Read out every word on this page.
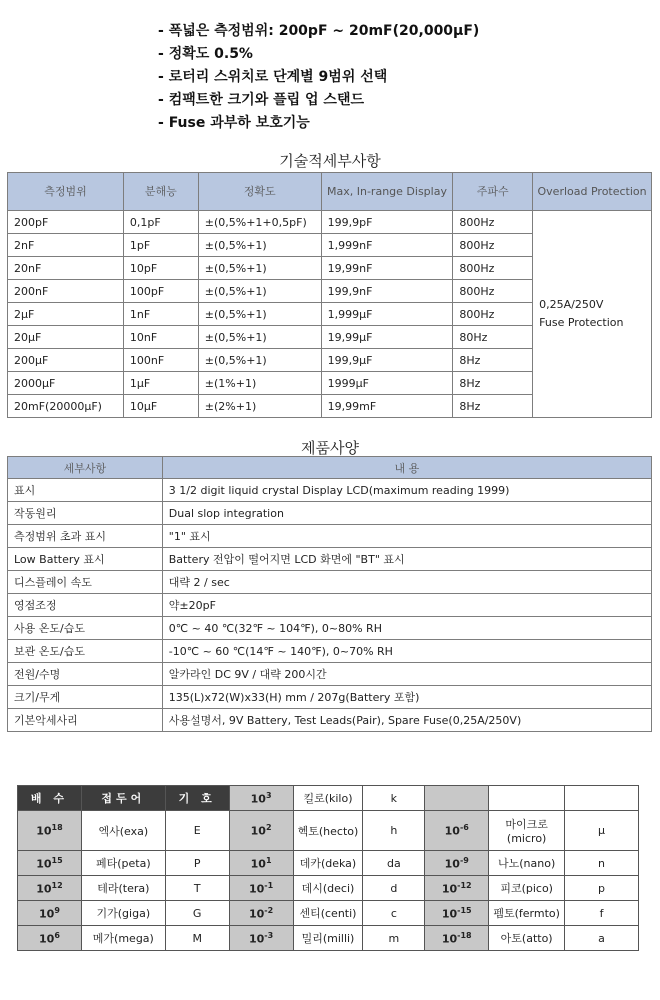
- 폭넓은 측정범위: 200pF ~ 20mF(20,000μF)
- 정확도 0.5%
- 로터리 스위치로 단계별 9범위 선택
- 컴팩트한 크기와 플립 업 스탠드
- Fuse 과부하 보호기능
기술적세부사항
측정범위	분해능	정확도	Max, In-range Display	주파수	Overload Protection
200pF	0,1pF	±(0,5%+1+0,5pF)	199,9pF	800Hz	0,25A/250V
Fuse Protection

2nF	1pF	±(0,5%+1)	1,999nF	800Hz	
20nF	10pF	±(0,5%+1)	19,99nF	800Hz	
200nF	100pF	±(0,5%+1)	199,9nF	800Hz	
2μF	1nF	±(0,5%+1)	1,999μF	800Hz	
20μF	10nF	±(0,5%+1)	19,99μF	80Hz	
200μF	100nF	±(0,5%+1)	199,9μF	8Hz	
2000μF	1μF	±(1%+1)	1999μF	8Hz	
20mF(20000μF)	10μF	±(2%+1)	19,99mF	8Hz	
제품사양
세부사항	내 용
표시	3 1/2 digit liquid crystal Display LCD(maximum reading 1999)
작동원리	Dual slop integration
측정범위 초과 표시	"1" 표시
Low Battery 표시	Battery 전압이 떨어지면 LCD 화면에 "BT" 표시
디스플레이 속도	대략 2 / sec
영점조정	약±20pF
사용 온도/습도	0℃ ~ 40 ℃(32℉ ~ 104℉), 0~80% RH
보관 온도/습도	-10℃ ~ 60 ℃(14℉ ~ 140℉), 0~70% RH
전원/수명	알카라인 DC 9V / 대략 200시간
크기/무게	135(L)x72(W)x33(H) mm / 207g(Battery 포함)
기본악세사리	사용설명서, 9V Battery, Test Leads(Pair), Spare Fuse(0,25A/250V)
배 수	접두어	기 호	$10^3$	킬로(kilo)	k			
$10^{18}$	엑사(exa)	E	$10^2$	헥토(hecto)	h	$10^{-6}$	마이크로(micro)	μ
$10^{15}$	페타(peta)	P	$10^1$	데카(deka)	da	$10^{-9}$	나노(nano)	n
$10^{12}$	테라(tera)	T	$10^{-1}$	데시(deci)	d	$10^{-12}$	피코(pico)	p
$10^9$	기가(giga)	G	$10^{-2}$	센티(centi)	c	$10^{-15}$	펨토(fermto)	f
$10^6$	메가(mega)	M	$10^{-3}$	밀리(milli)	m	$10^{-18}$	아토(atto)	a
